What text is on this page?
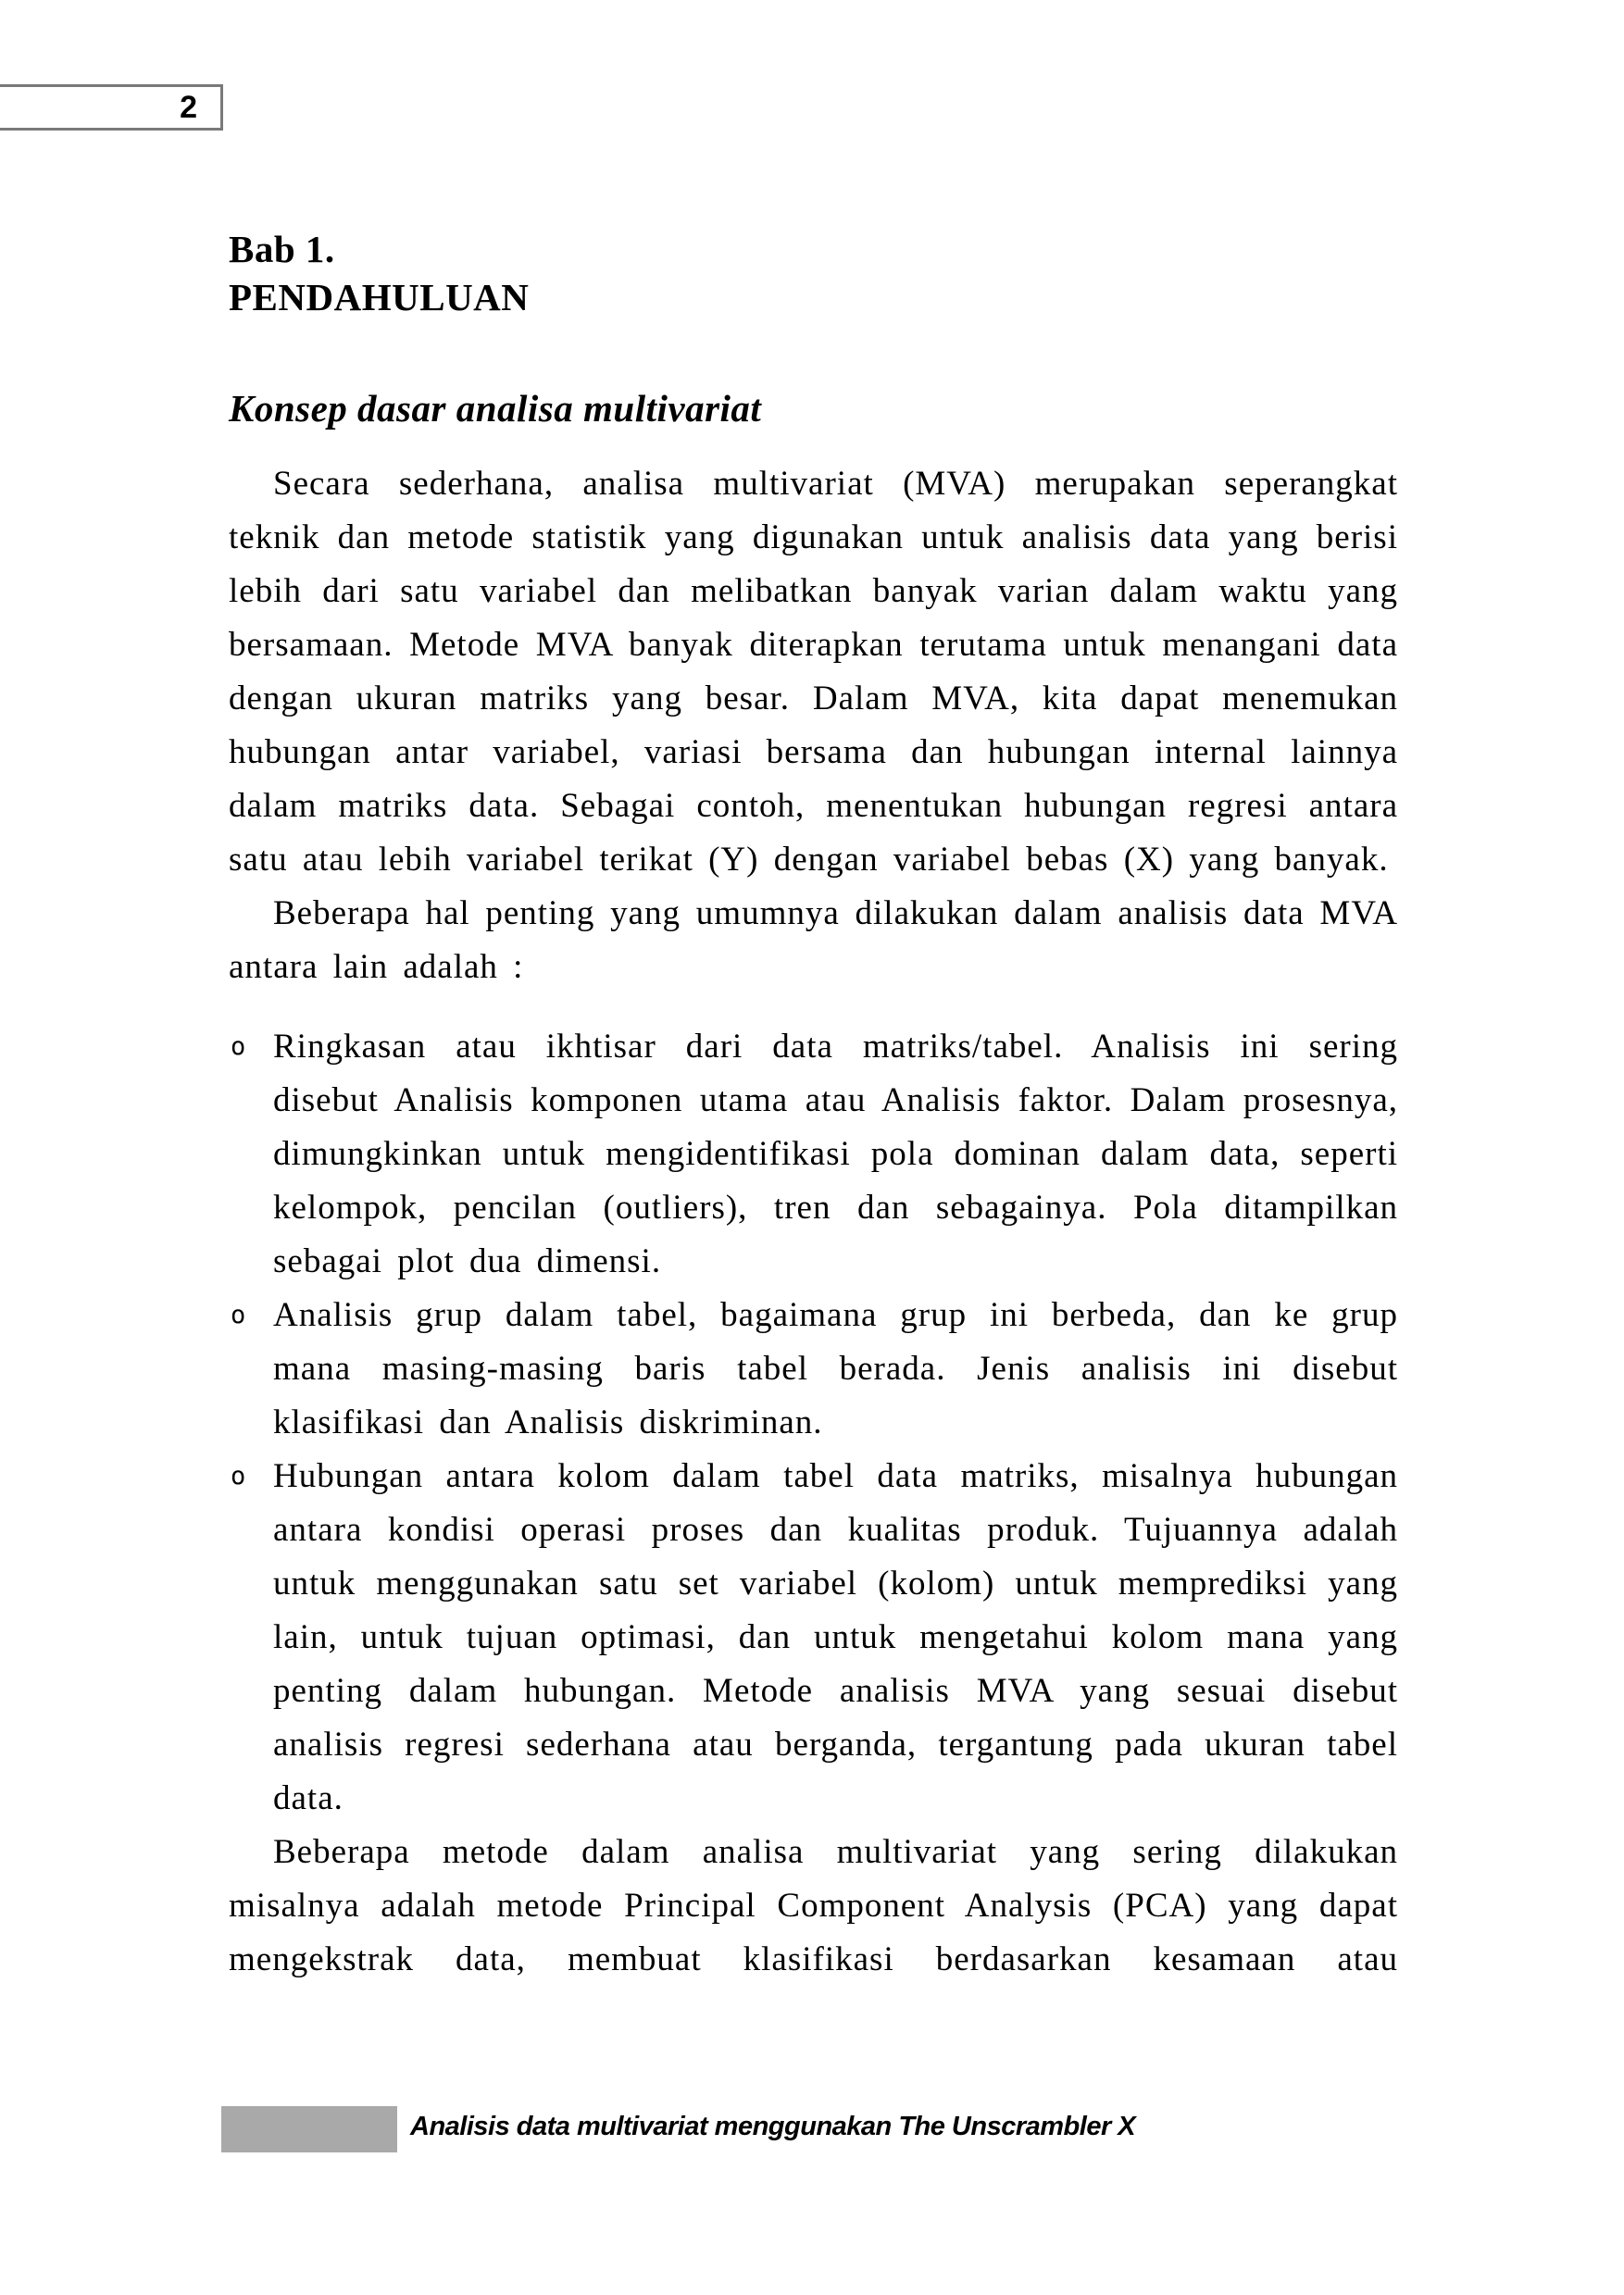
2
Bab 1.
PENDAHULUAN
Konsep dasar analisa multivariat

Secara sederhana, analisa multivariat (MVA) merupakan seperangkat teknik dan metode statistik yang digunakan untuk analisis data yang berisi lebih dari satu variabel dan melibatkan banyak varian dalam waktu yang bersamaan. Metode MVA banyak diterapkan terutama untuk menangani data dengan ukuran matriks yang besar. Dalam MVA, kita dapat menemukan hubungan antar variabel, variasi bersama dan hubungan internal lainnya dalam matriks data. Sebagai contoh, menentukan hubungan regresi antara satu atau lebih variabel terikat (Y) dengan variabel bebas (X) yang banyak.

Beberapa hal penting yang umumnya dilakukan dalam analisis data MVA antara lain adalah :

o Ringkasan atau ikhtisar dari data matriks/tabel. Analisis ini sering disebut Analisis komponen utama atau Analisis faktor. Dalam prosesnya, dimungkinkan untuk mengidentifikasi pola dominan dalam data, seperti kelompok, pencilan (outliers), tren dan sebagainya. Pola ditampilkan sebagai plot dua dimensi.
o Analisis grup dalam tabel, bagaimana grup ini berbeda, dan ke grup mana masing-masing baris tabel berada. Jenis analisis ini disebut klasifikasi dan Analisis diskriminan.
o Hubungan antara kolom dalam tabel data matriks, misalnya hubungan antara kondisi operasi proses dan kualitas produk. Tujuannya adalah untuk menggunakan satu set variabel (kolom) untuk memprediksi yang lain, untuk tujuan optimasi, dan untuk mengetahui kolom mana yang penting dalam hubungan. Metode analisis MVA yang sesuai disebut analisis regresi sederhana atau berganda, tergantung pada ukuran tabel data.

Beberapa metode dalam analisa multivariat yang sering dilakukan misalnya adalah metode Principal Component Analysis (PCA) yang dapat mengekstrak data, membuat klasifikasi berdasarkan kesamaan atau

Analisis data multivariat menggunakan The Unscrambler X
